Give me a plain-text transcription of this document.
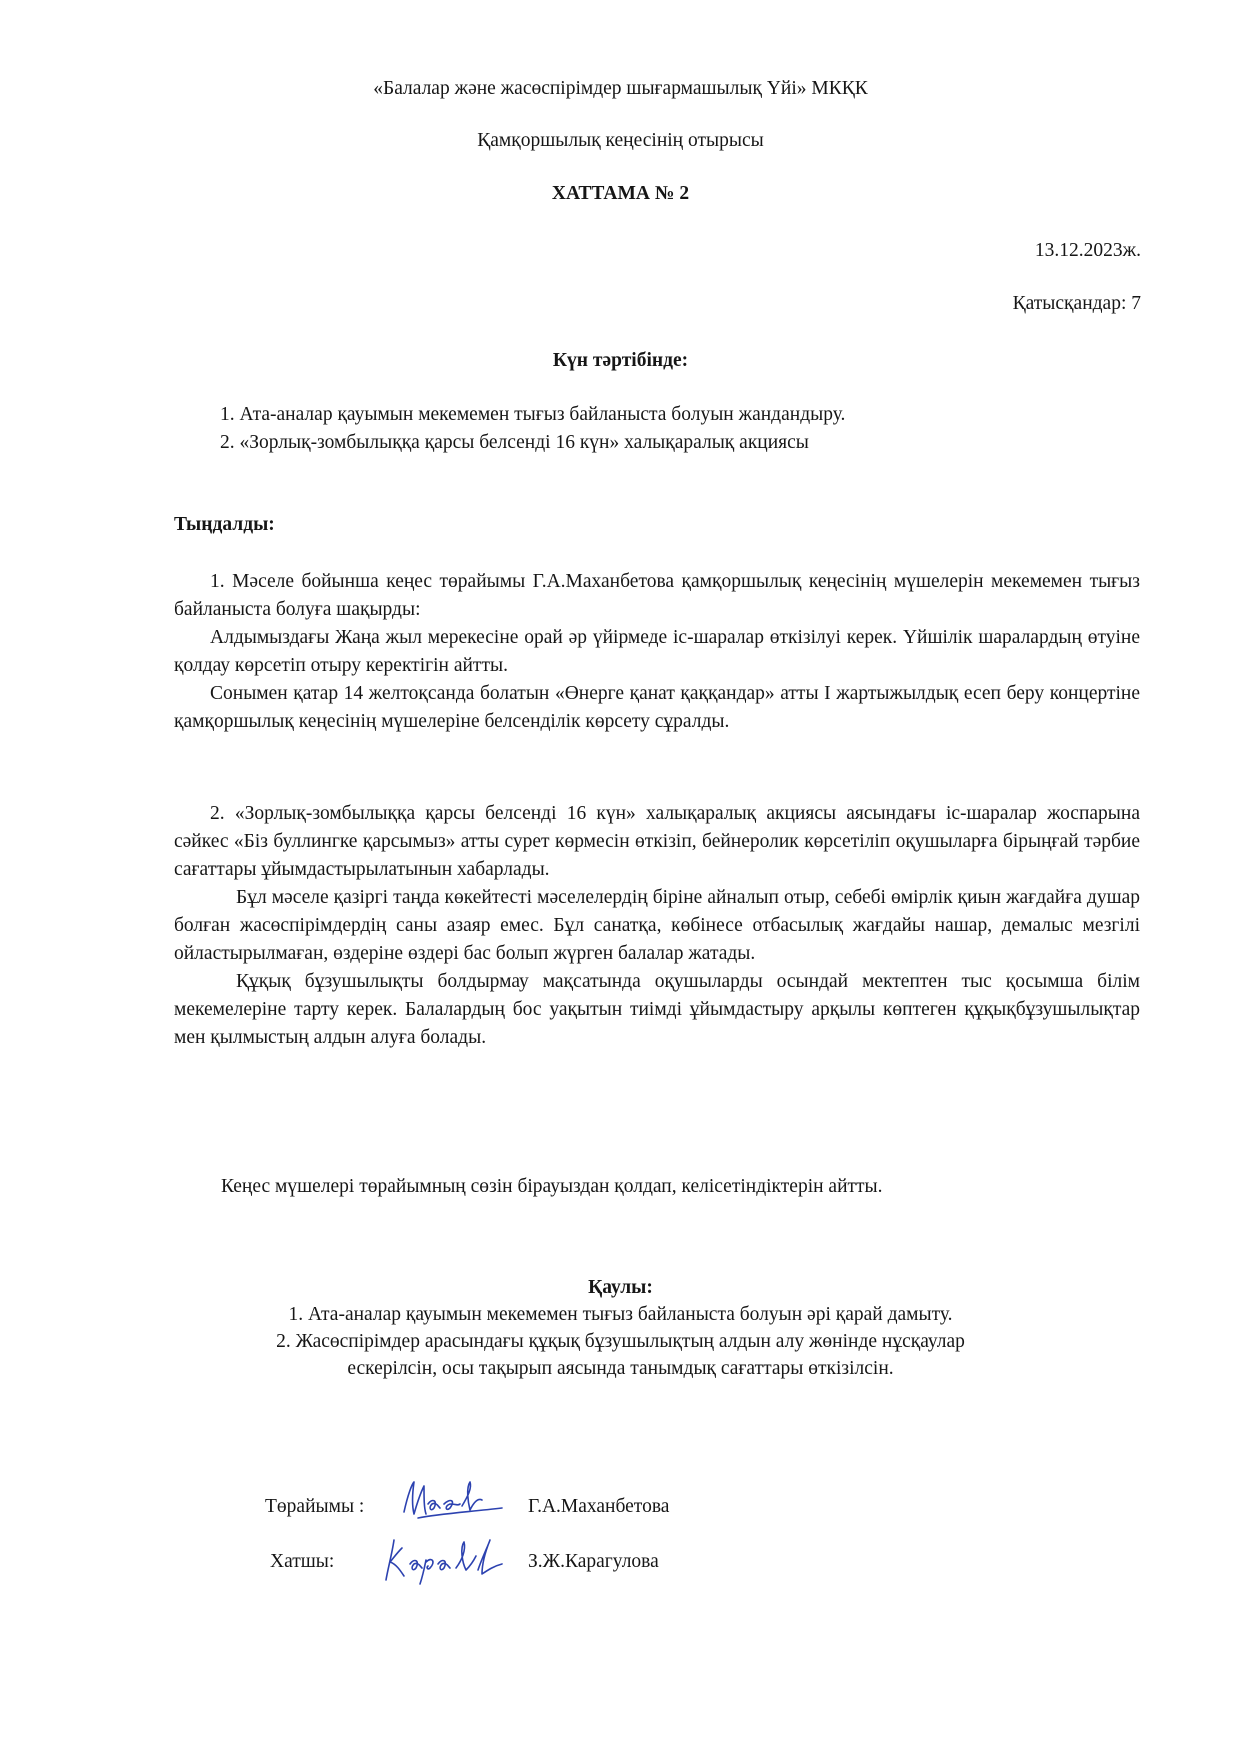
«Балалар және жасөспірімдер шығармашылық Үйі» МКҚК
Қамқоршылық кеңесінің отырысы
ХАТТАМА № 2
13.12.2023ж.
Қатысқандар: 7
Күн тәртібінде:
1. Ата-аналар қауымын мекемемен тығыз байланыста болуын жандандыру.
2. «Зорлық-зомбылыққа қарсы белсенді 16 күн» халықаралық акциясы
Тыңдалды:

1. Мәселе бойынша кеңес төрайымы Г.А.Маханбетова қамқоршылық кеңесінің мүшелерін мекемемен тығыз байланыста болуға шақырды:

Алдымыздағы Жаңа жыл мерекесіне орай әр үйірмеде іс-шаралар өткізілуі керек. Үйшілік шаралардың өтуіне қолдау көрсетіп отыру керектігін айтты.

Сонымен қатар 14 желтоқсанда болатын «Өнерге қанат қаққандар» атты І жартыжылдық есеп беру концертіне қамқоршылық кеңесінің мүшелеріне белсенділік көрсету сұралды.

2. «Зорлық-зомбылыққа қарсы белсенді 16 күн» халықаралық акциясы аясындағы іс-шаралар жоспарына сәйкес «Біз буллингке қарсымыз» атты сурет көрмесін өткізіп, бейнеролик көрсетіліп оқушыларға бірыңғай тәрбие сағаттары ұйымдастырылатынын хабарлады.

Бұл мәселе қазіргі таңда көкейтесті мәселелердің біріне айналып отыр, себебі өмірлік қиын жағдайға душар болған жасөспірімдердің саны азаяр емес. Бұл санатқа, көбінесе отбасылық жағдайы нашар, демалыс мезгілі ойластырылмаған, өздеріне өздері бас болып жүрген балалар жатады.

Құқық бұзушылықты болдырмау мақсатында оқушыларды осындай мектептен тыс қосымша білім мекемелеріне тарту керек. Балалардың бос уақытын тиімді ұйымдастыру арқылы көптеген құқықбұзушылықтар мен қылмыстың алдын алуға болады.

Кеңес мүшелері төрайымның сөзін бірауыздан қолдап, келісетіндіктерін айтты.
Қаулы:
1. Ата-аналар қауымын мекемемен тығыз байланыста болуын әрі қарай дамыту.
2. Жасөспірімдер арасындағы құқық бұзушылықтың алдын алу жөнінде нұсқаулар
ескерілсін, осы тақырып аясында танымдық сағаттары өткізілсін.
Төрайымы :	Г.А.Маханбетова
Хатшы:	З.Ж.Карагулова
